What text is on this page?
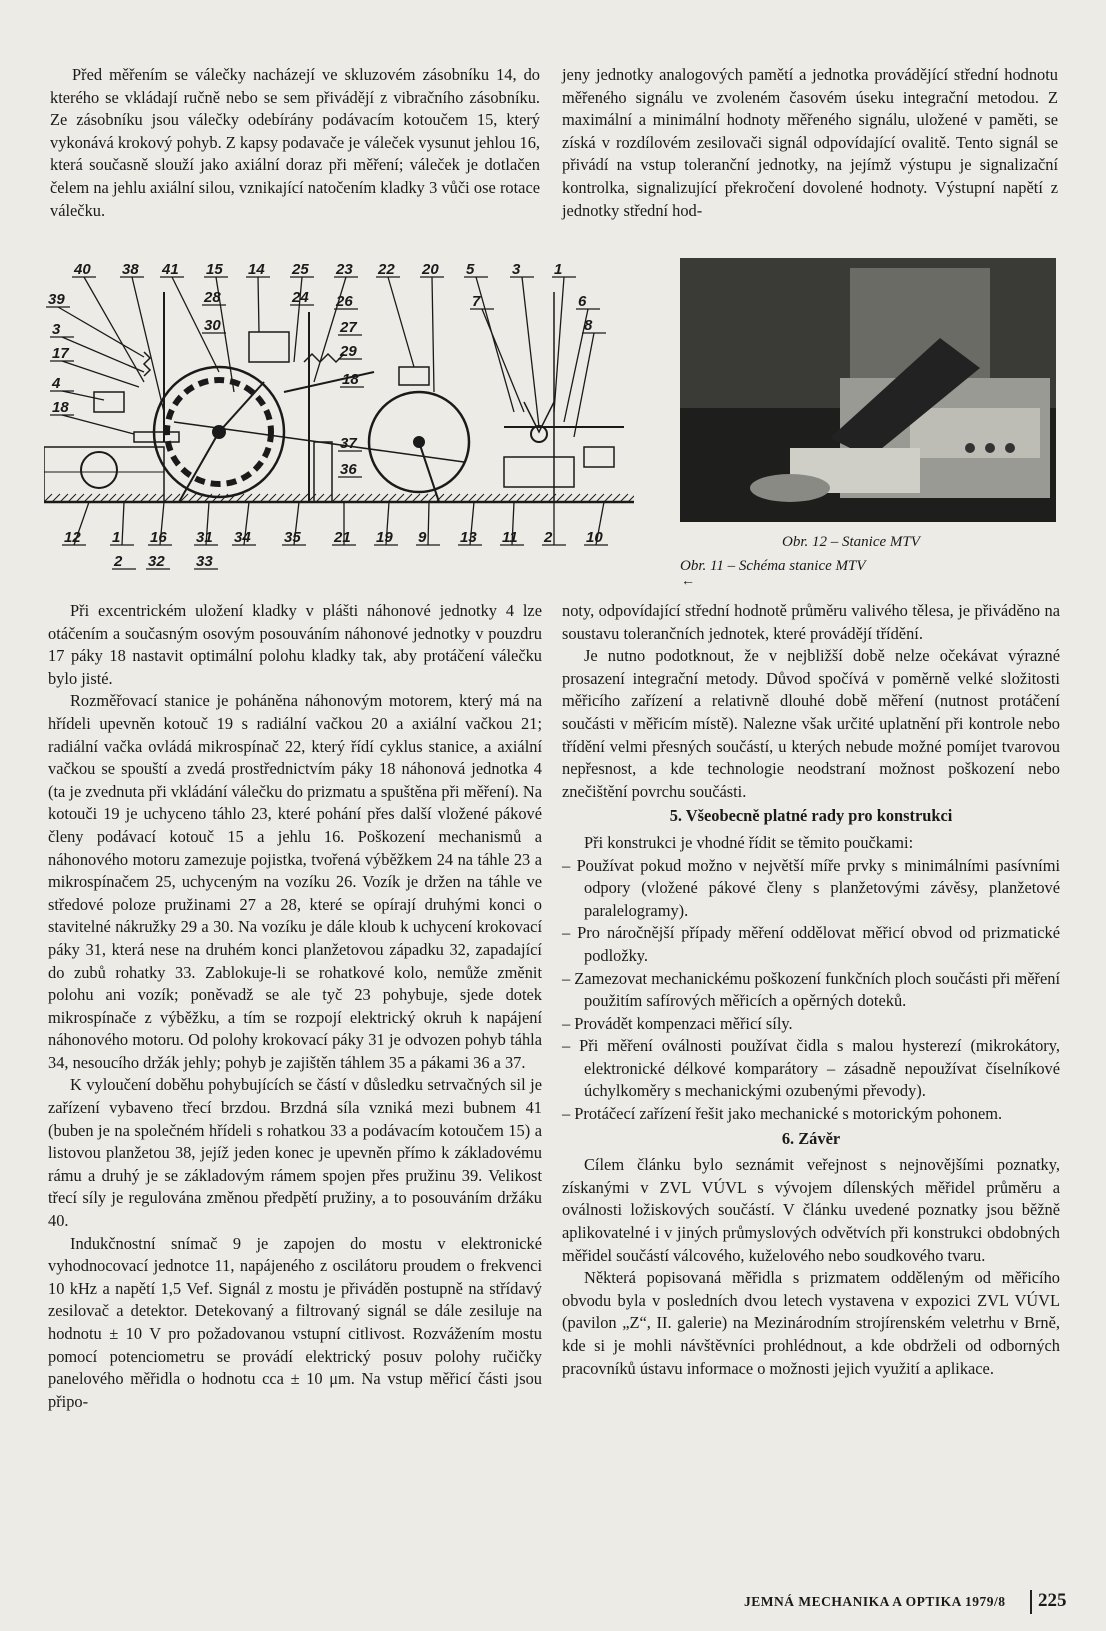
Před měřením se válečky nacházejí ve skluzovém zásobníku 14, do kterého se vkládají ručně nebo se sem přivádějí z vibračního zásobníku. Ze zásobníku jsou válečky odebírány podávacím kotoučem 15, který vykonává krokový pohyb. Z kapsy podavače je váleček vysunut jehlou 16, která současně slouží jako axiální doraz při měření; váleček je dotlačen čelem na jehlu axiální silou, vznikající natočením kladky 3 vůči ose rotace válečku.

jeny jednotky analogových pamětí a jednotka provádějící střední hodnotu měřeného signálu ve zvoleném časovém úseku integrační metodou. Z maximální a minimální hodnoty měřeného signálu, uložené v paměti, se získá v rozdílovém zesilovači signál odpovídající ovalitě. Tento signál se přivádí na vstup toleranční jednotky, na jejímž výstupu je signalizační kontrolka, signalizující překročení dovolené hodnoty. Výstupní napětí z jednotky střední hod-

40 38 41 15 14 25 23 22 20 5	3 1
39
3
17
4
18
28	24 26
30	27
29
18
37
36
7	6
8
12 1 16 31 34 35 21 19 9 13 11 2 10
2 32 33
Obr. 12 – Stanice MTV
Obr. 11 – Schéma stanice MTV
←

Při excentrickém uložení kladky v plášti náhonové jednotky 4 lze otáčením a současným osovým posouváním náhonové jednotky v pouzdru 17 páky 18 nastavit optimální polohu kladky tak, aby protáčení válečku bylo jisté.

Rozměřovací stanice je poháněna náhonovým motorem, který má na hřídeli upevněn kotouč 19 s radiální vačkou 20 a axiální vačkou 21; radiální vačka ovládá mikrospínač 22, který řídí cyklus stanice, a axiální vačkou se spouští a zvedá prostřednictvím páky 18 náhonová jednotka 4 (ta je zvednuta při vkládání válečku do prizmatu a spuštěna při měření). Na kotouči 19 je uchyceno táhlo 23, které pohání přes další vložené pákové členy podávací kotouč 15 a jehlu 16. Poškození mechanismů a náhonového motoru zamezuje pojistka, tvořená výběžkem 24 na táhle 23 a mikrospínačem 25, uchyceným na vozíku 26. Vozík je držen na táhle ve středové poloze pružinami 27 a 28, které se opírají druhými konci o stavitelné nákružky 29 a 30. Na vozíku je dále kloub k uchycení krokovací páky 31, která nese na druhém konci planžetovou západku 32, zapadající do zubů rohatky 33. Zablokuje-li se rohatkové kolo, nemůže změnit polohu ani vozík; poněvadž se ale tyč 23 pohybuje, sjede dotek mikrospínače z výběžku, a tím se rozpojí elektrický okruh k napájení náhonového motoru. Od polohy krokovací páky 31 je odvozen pohyb táhla 34, nesoucího držák jehly; pohyb je zajištěn táhlem 35 a pákami 36 a 37.

K vyloučení doběhu pohybujících se částí v důsledku setrvačných sil je zařízení vybaveno třecí brzdou. Brzdná síla vzniká mezi bubnem 41 (buben je na společném hřídeli s rohatkou 33 a podávacím kotoučem 15) a listovou planžetou 38, jejíž jeden konec je upevněn přímo k základovému rámu a druhý je se základovým rámem spojen přes pružinu 39. Velikost třecí síly je regulována změnou předpětí pružiny, a to posouváním držáku 40.

Indukčnostní snímač 9 je zapojen do mostu v elektronické vyhodnocovací jednotce 11, napájeného z oscilátoru proudem o frekvenci 10 kHz a napětí 1,5 Vef. Signál z mostu je přiváděn postupně na střídavý zesilovač a detektor. Detekovaný a filtrovaný signál se dále zesiluje na hodnotu ± 10 V pro požadovanou vstupní citlivost. Rozvážením mostu pomocí potenciometru se provádí elektrický posuv polohy ručičky panelového měřidla o hodnotu cca ± 10 μm. Na vstup měřicí části jsou připo-

noty, odpovídající střední hodnotě průměru valivého tělesa, je přiváděno na soustavu tolerančních jednotek, které provádějí třídění.

Je nutno podotknout, že v nejbližší době nelze očekávat výrazné prosazení integrační metody. Důvod spočívá v poměrně velké složitosti měřicího zařízení a relativně dlouhé době měření (nutnost protáčení součásti v měřicím místě). Nalezne však určité uplatnění při kontrole nebo třídění velmi přesných součástí, u kterých nebude možné pomíjet tvarovou nepřesnost, a kde technologie neodstraní možnost poškození nebo znečištění povrchu součásti.

5. Všeobecně platné rady pro konstrukci

Při konstrukci je vhodné řídit se těmito poučkami:

– Používat pokud možno v největší míře prvky s minimálními pasívními odpory (vložené pákové členy s planžetovými závěsy, planžetové paralelogramy).

– Pro náročnější případy měření oddělovat měřicí obvod od prizmatické podložky.

– Zamezovat mechanickému poškození funkčních ploch součásti při měření použitím safírových měřicích a opěrných doteků.

– Provádět kompenzaci měřicí síly.

– Při měření oválnosti používat čidla s malou hysterezí (mikrokátory, elektronické délkové komparátory – zásadně nepoužívat číselníkové úchylkoměry s mechanickými ozubenými převody).

– Protáčecí zařízení řešit jako mechanické s motorickým pohonem.

6. Závěr

Cílem článku bylo seznámit veřejnost s nejnovějšími poznatky, získanými v ZVL VÚVL s vývojem dílenských měřidel průměru a oválnosti ložiskových součástí. V článku uvedené poznatky jsou běžně aplikovatelné i v jiných průmyslových odvětvích při konstrukci obdobných měřidel součástí válcového, kuželového nebo soudkového tvaru.

Některá popisovaná měřidla s prizmatem odděleným od měřicího obvodu byla v posledních dvou letech vystavena v expozici ZVL VÚVL (pavilon „Z“, II. galerie) na Mezinárodním strojírenském veletrhu v Brně, kde si je mohli návštěvníci prohlédnout, a kde obdrželi od odborných pracovníků ústavu informace o možnosti jejich využití a aplikace.

JEMNÁ MECHANIKA A OPTIKA 1979/8 225
